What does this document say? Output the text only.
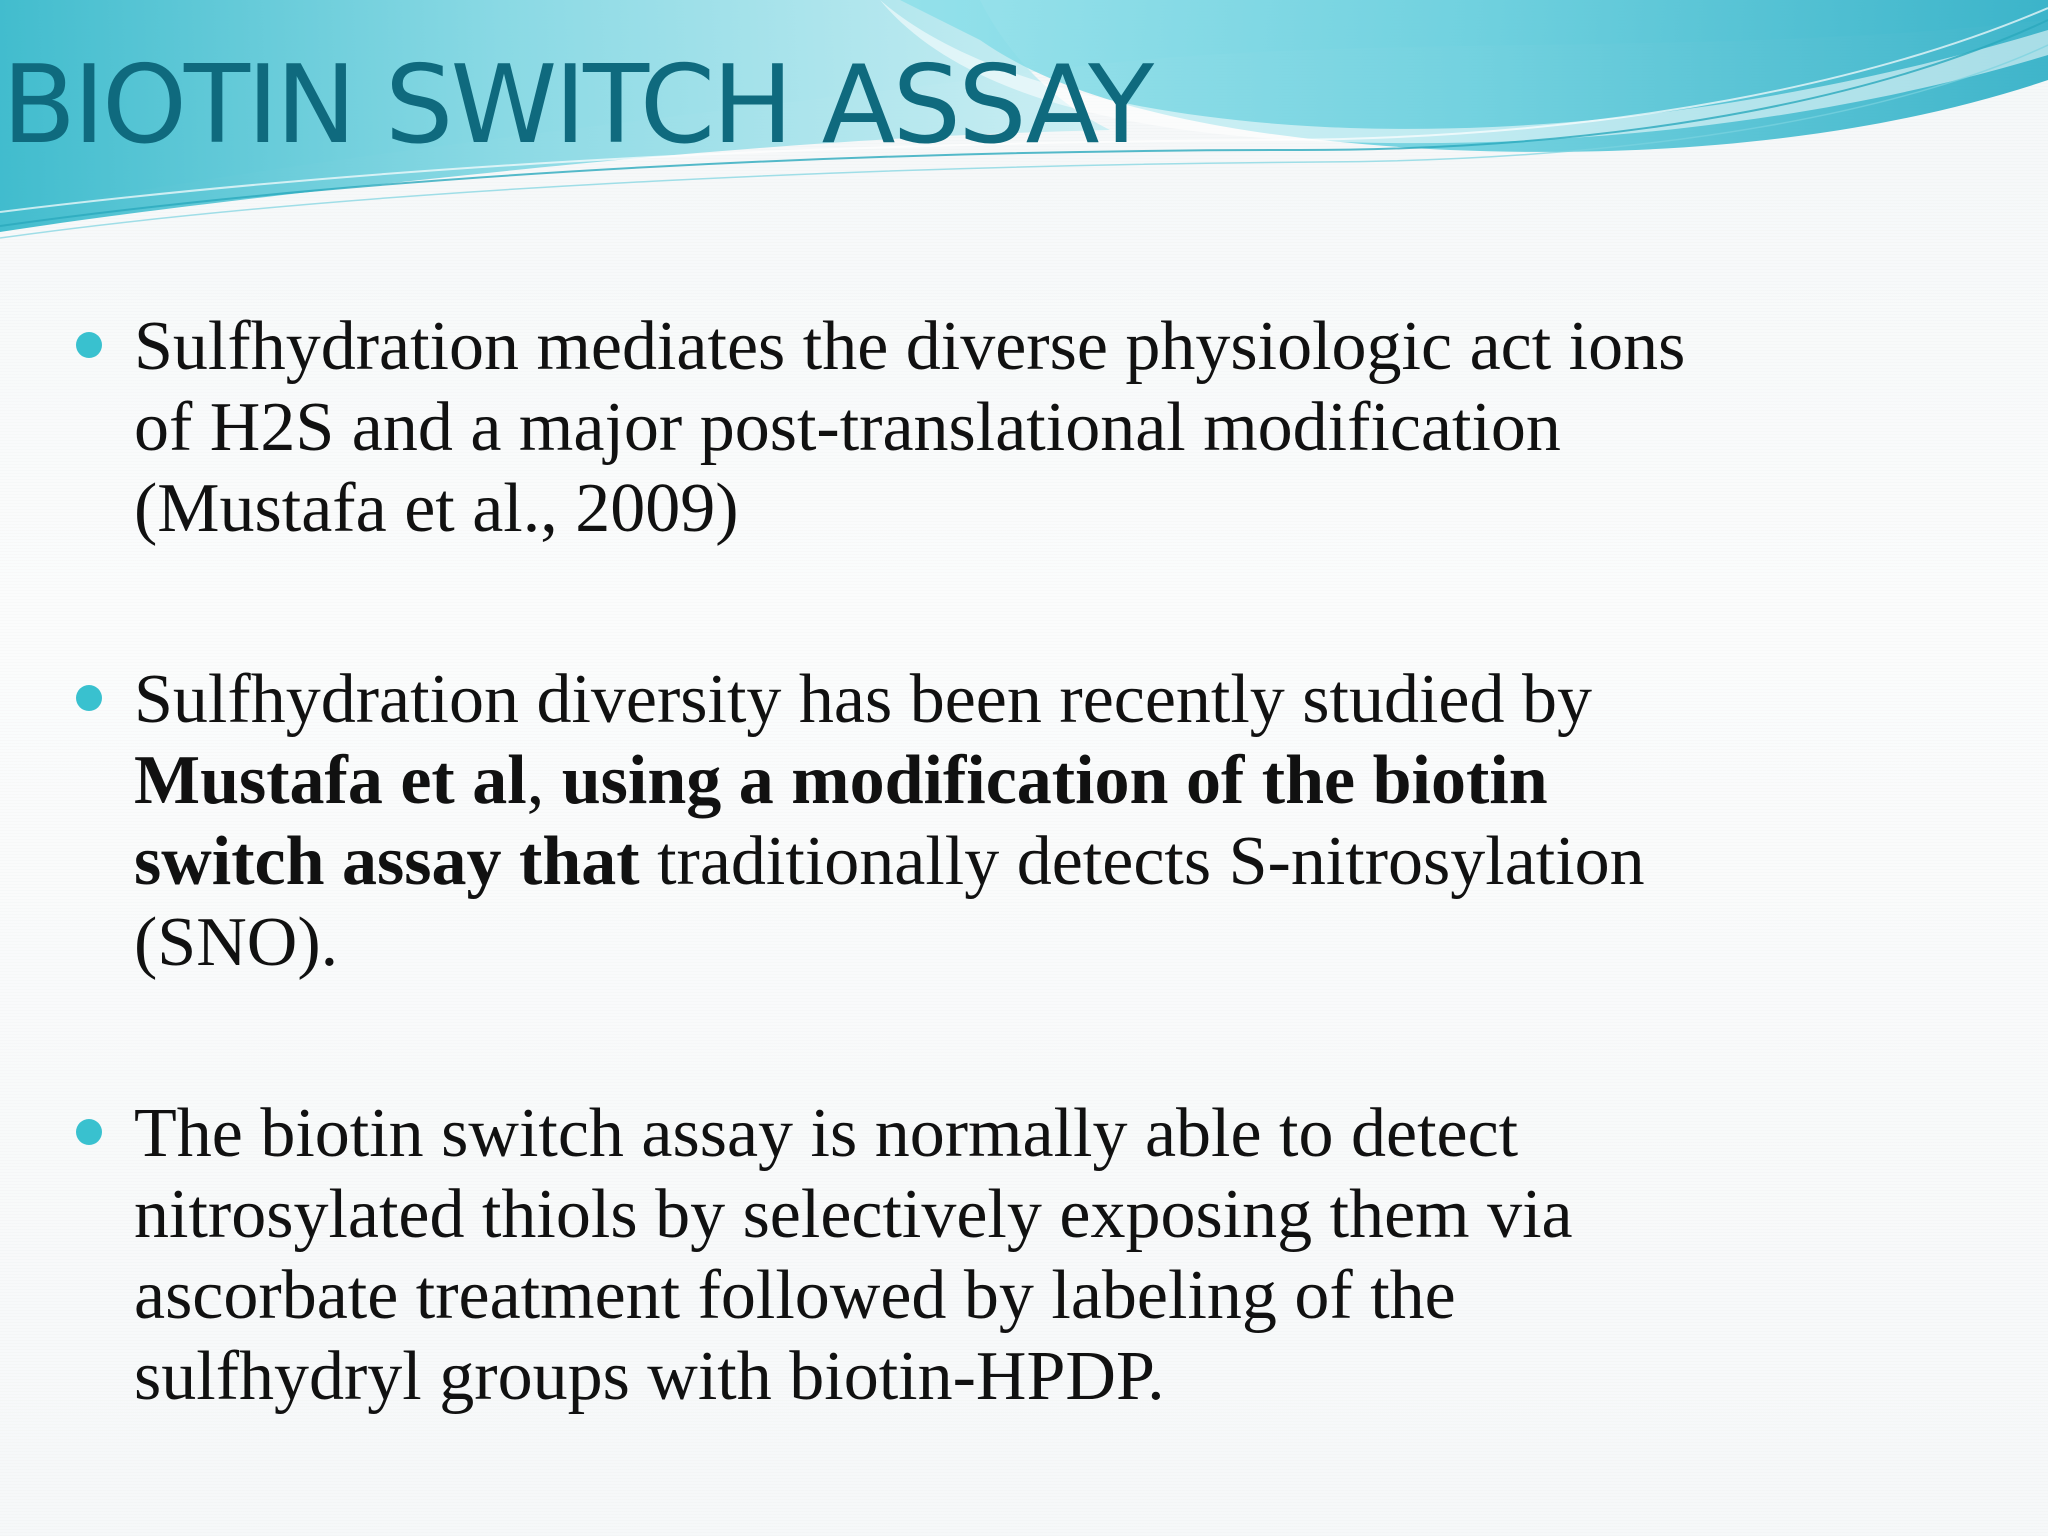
BIOTIN SWITCH ASSAY
Sulfhydration mediates the diverse physiologic act ions
of H2S and a major post-translational modification
(Mustafa et al., 2009)
Sulfhydration diversity has been recently studied by
Mustafa et al, using a modification of the biotin
switch assay that traditionally detects S-nitrosylation
(SNO).
The biotin switch assay is normally able to detect
nitrosylated thiols by selectively exposing them via
ascorbate treatment followed by labeling of the
sulfhydryl groups with biotin-HPDP.
